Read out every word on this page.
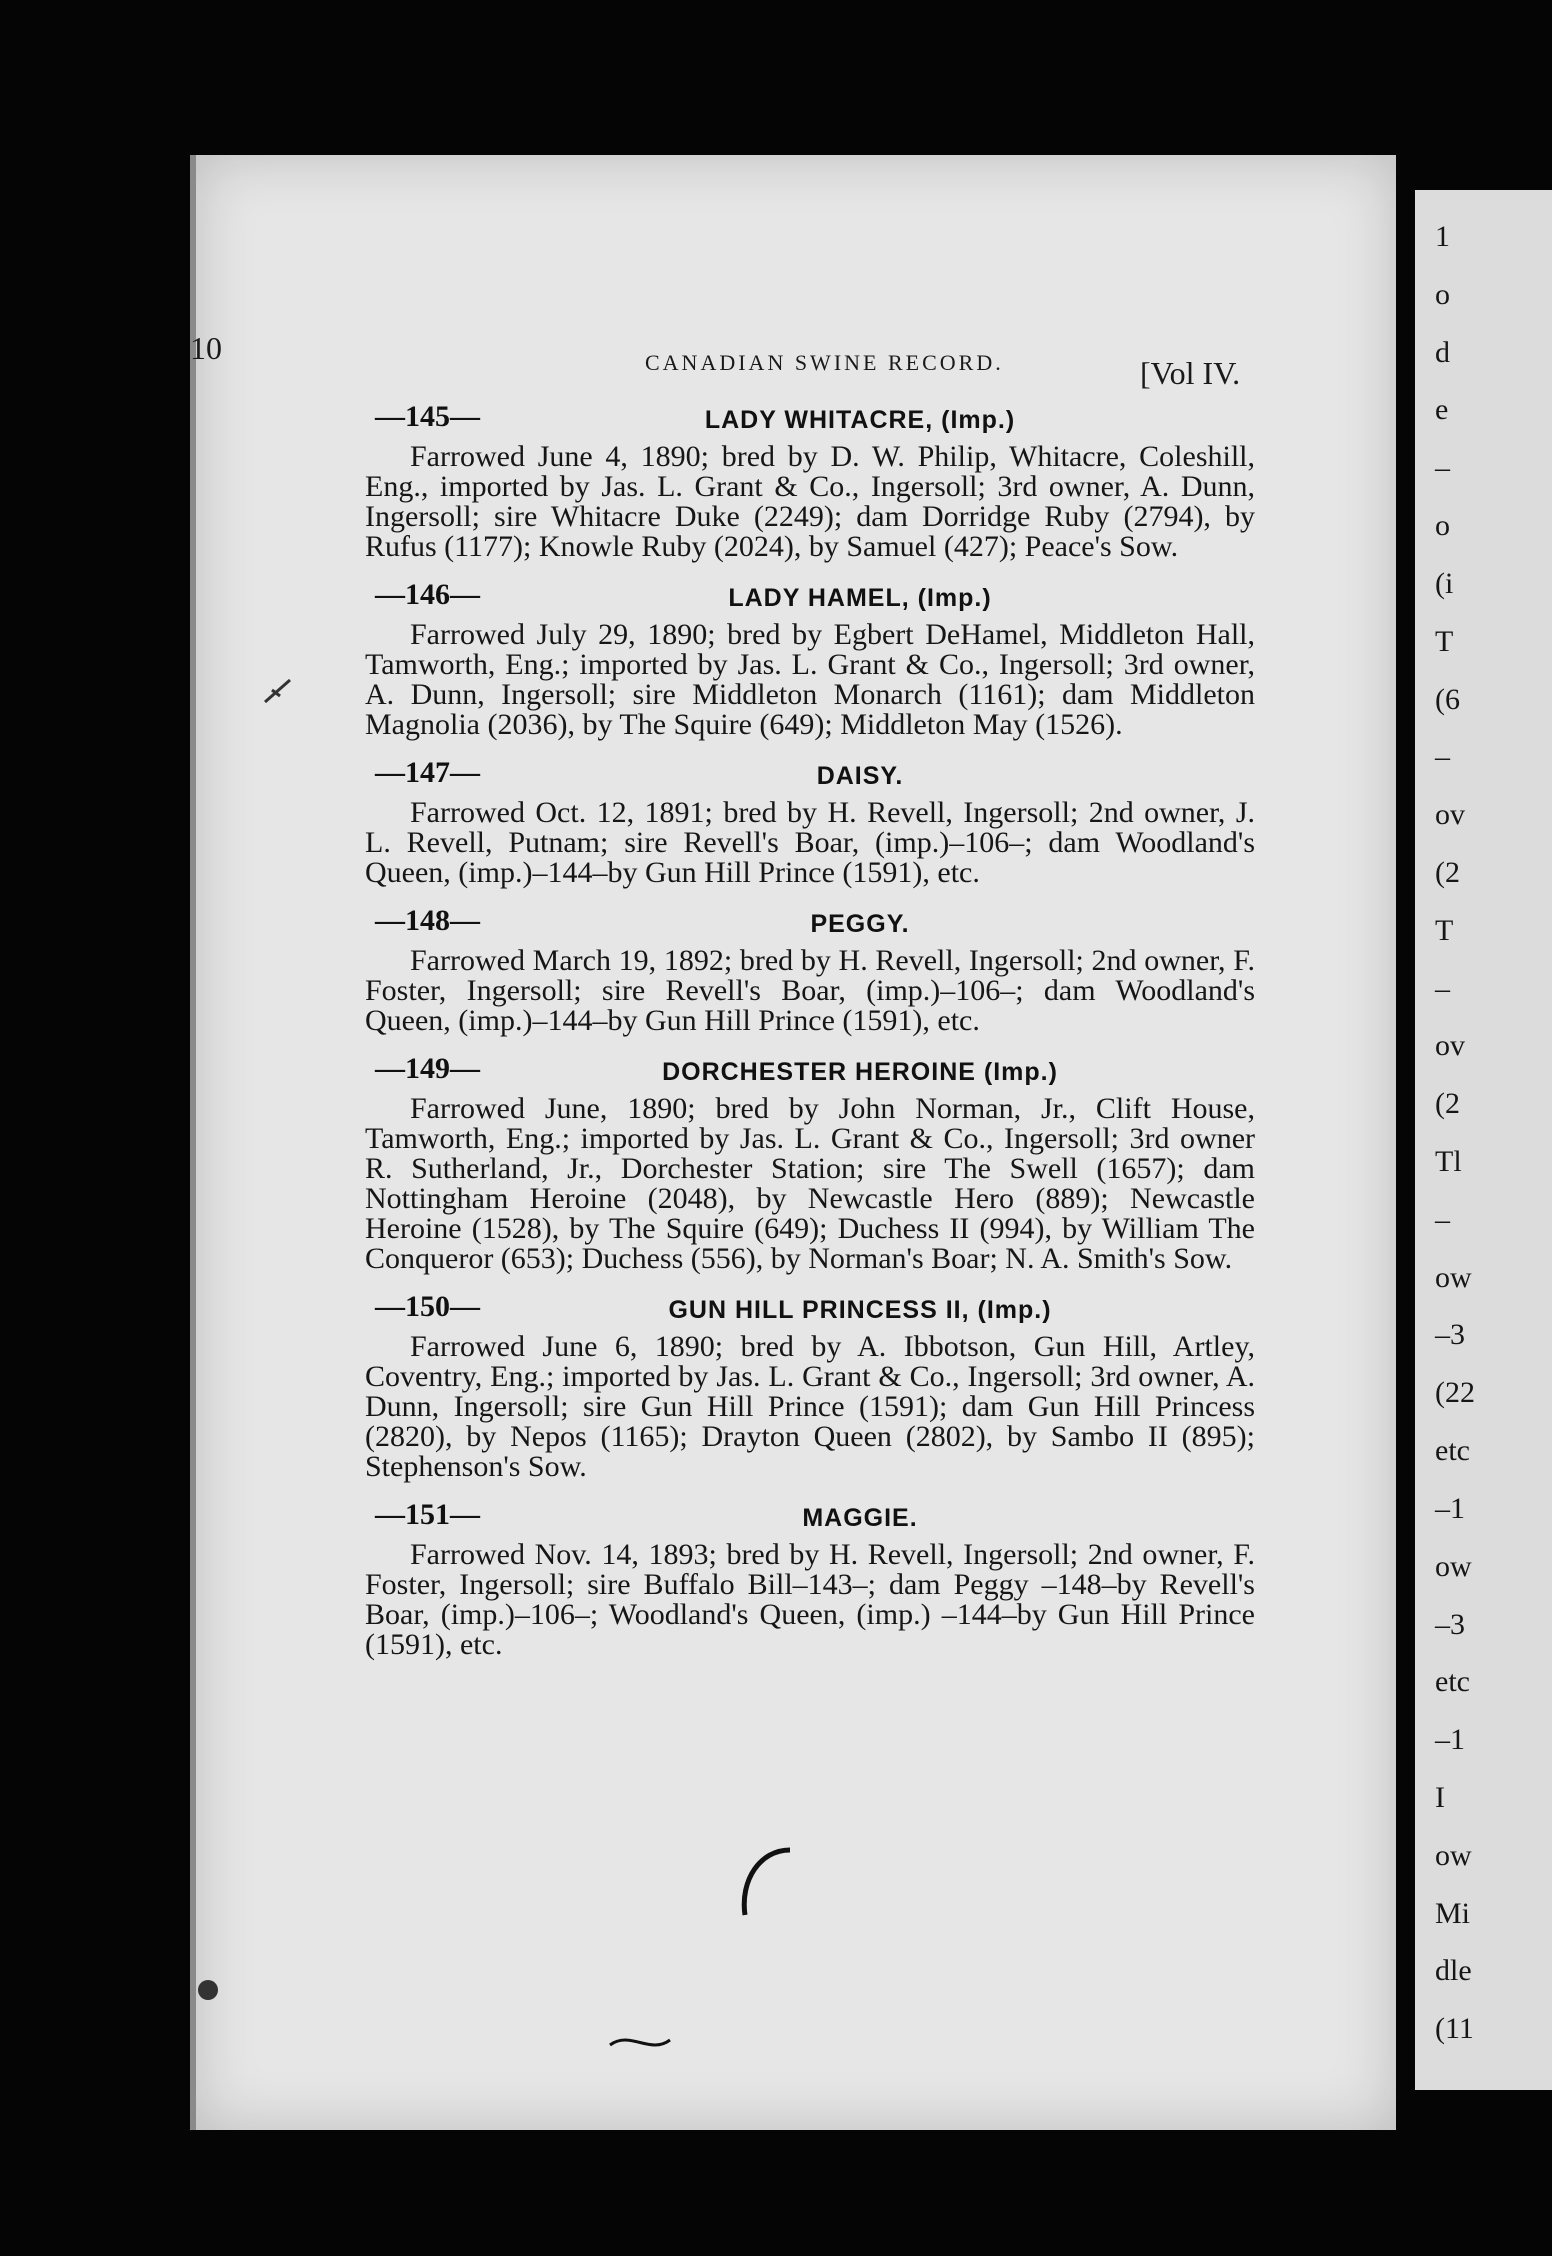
1
o
d
e
–
o
(i
T
(6
–
ov
(2
T
–
ov
(2
Tl
–
ow
–3
(22
etc
–1
ow
–3
etc
–1
I
ow
Mi
dle
(11
10	CANADIAN SWINE RECORD.	[Vol IV.
—145—	LADY WHITACRE, (Imp.)

Farrowed June 4, 1890; bred by D. W. Philip, Whitacre, Coleshill, Eng., imported by Jas. L. Grant & Co., Ingersoll; 3rd owner, A. Dunn, Ingersoll; sire Whitacre Duke (2249); dam Dorridge Ruby (2794), by Rufus (1177); Knowle Ruby (2024), by Samuel (427); Peace's Sow.

—146—	LADY HAMEL, (Imp.)

Farrowed July 29, 1890; bred by Egbert DeHamel, Middleton Hall, Tamworth, Eng.; imported by Jas. L. Grant & Co., Ingersoll; 3rd owner, A. Dunn, Ingersoll; sire Middleton Monarch (1161); dam Middleton Magnolia (2036), by The Squire (649); Middleton May (1526).

—147—	DAISY.

Farrowed Oct. 12, 1891; bred by H. Revell, Ingersoll; 2nd owner, J. L. Revell, Putnam; sire Revell's Boar, (imp.)–106–; dam Woodland's Queen, (imp.)–144–by Gun Hill Prince (1591), etc.

—148—	PEGGY.

Farrowed March 19, 1892; bred by H. Revell, Ingersoll; 2nd owner, F. Foster, Ingersoll; sire Revell's Boar, (imp.)–106–; dam Woodland's Queen, (imp.)–144–by Gun Hill Prince (1591), etc.

—149—	DORCHESTER HEROINE (Imp.)

Farrowed June, 1890; bred by John Norman, Jr., Clift House, Tamworth, Eng.; imported by Jas. L. Grant & Co., Ingersoll; 3rd owner R. Sutherland, Jr., Dorchester Station; sire The Swell (1657); dam Nottingham Heroine (2048), by Newcastle Hero (889); Newcastle Heroine (1528), by The Squire (649); Duchess II (994), by William The Conqueror (653); Duchess (556), by Norman's Boar; N. A. Smith's Sow.

—150—	GUN HILL PRINCESS II, (Imp.)

Farrowed June 6, 1890; bred by A. Ibbotson, Gun Hill, Artley, Coventry, Eng.; imported by Jas. L. Grant & Co., Ingersoll; 3rd owner, A. Dunn, Ingersoll; sire Gun Hill Prince (1591); dam Gun Hill Princess (2820), by Nepos (1165); Drayton Queen (2802), by Sambo II (895); Stephenson's Sow.

—151—	MAGGIE.

Farrowed Nov. 14, 1893; bred by H. Revell, Ingersoll; 2nd owner, F. Foster, Ingersoll; sire Buffalo Bill–143–; dam Peggy –148–by Revell's Boar, (imp.)–106–; Woodland's Queen, (imp.) –144–by Gun Hill Prince (1591), etc.
